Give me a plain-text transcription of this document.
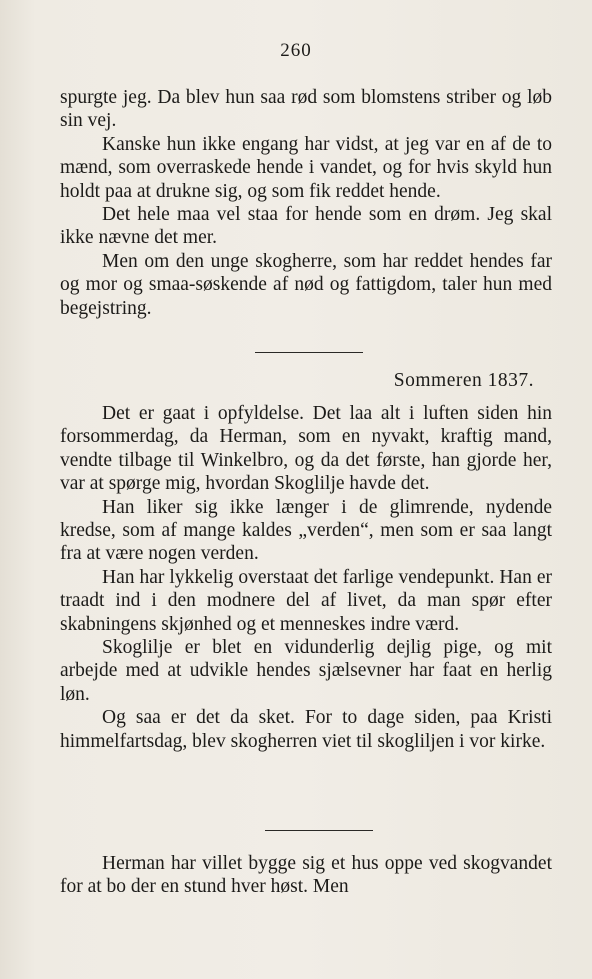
260

spurgte jeg. Da blev hun saa rød som blomstens striber og løb sin vej.

Kanske hun ikke engang har vidst, at jeg var en af de to mænd, som overraskede hende i vandet, og for hvis skyld hun holdt paa at drukne sig, og som fik reddet hende.

Det hele maa vel staa for hende som en drøm. Jeg skal ikke nævne det mer.

Men om den unge skogherre, som har reddet hendes far og mor og smaa-søskende af nød og fattigdom, taler hun med begejstring.

Sommeren 1837.

Det er gaat i opfyldelse. Det laa alt i luften siden hin forsommerdag, da Herman, som en nyvakt, kraftig mand, vendte tilbage til Winkelbro, og da det første, han gjorde her, var at spørge mig, hvordan Skoglilje havde det.

Han liker sig ikke længer i de glimrende, nydende kredse, som af mange kaldes „verden“, men som er saa langt fra at være nogen verden.

Han har lykkelig overstaat det farlige vendepunkt. Han er traadt ind i den modnere del af livet, da man spør efter skabningens skjønhed og et menneskes indre værd.

Skoglilje er blet en vidunderlig dejlig pige, og mit arbejde med at udvikle hendes sjælsevner har faat en herlig løn.

Og saa er det da sket. For to dage siden, paa Kristi himmelfartsdag, blev skogherren viet til skogliljen i vor kirke.

Herman har villet bygge sig et hus oppe ved skogvandet for at bo der en stund hver høst. Men
